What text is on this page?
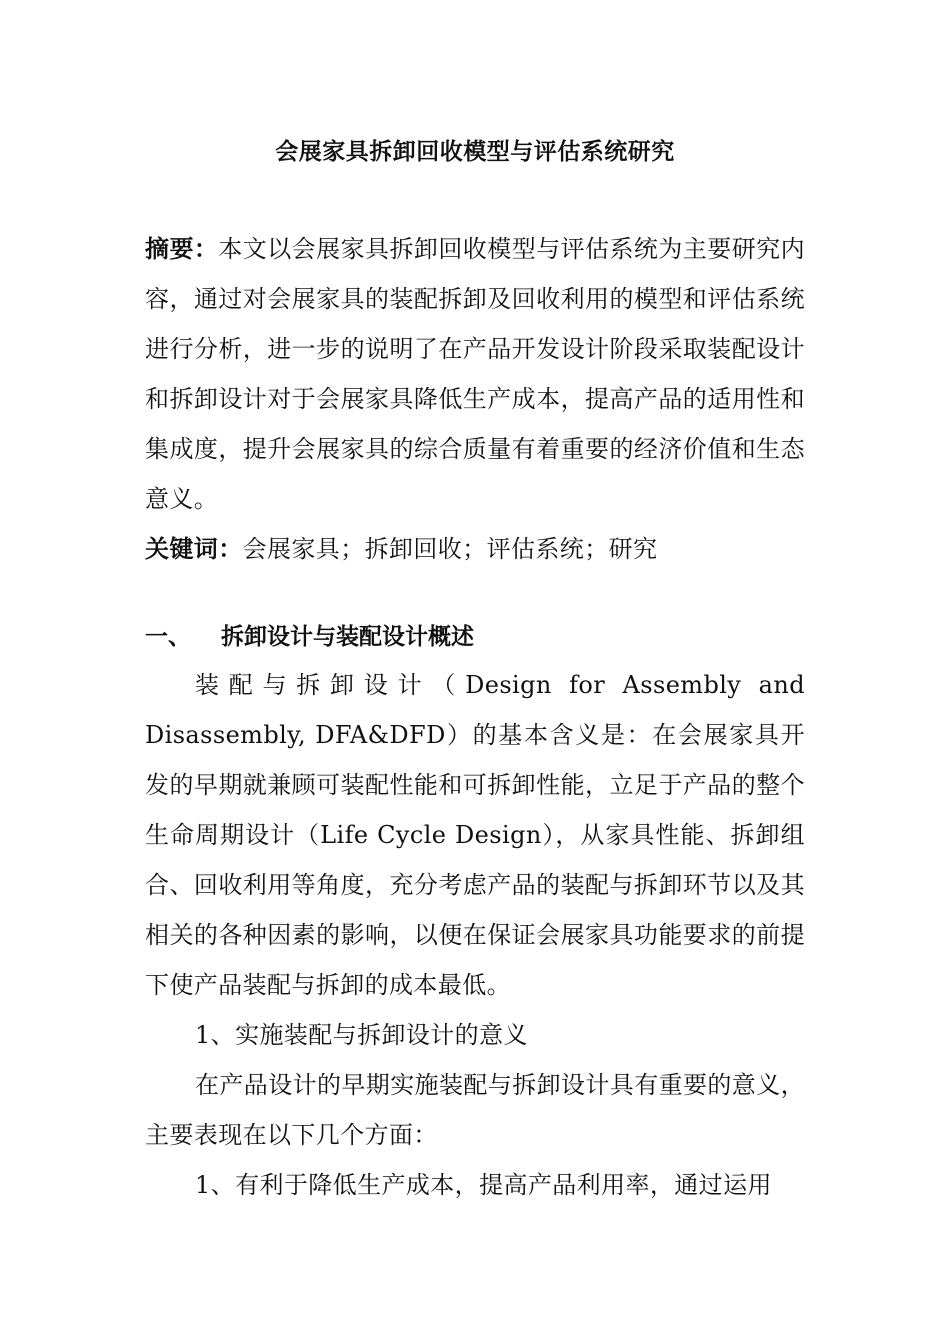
会展家具拆卸回收模型与评估系统研究

摘要：本文以会展家具拆卸回收模型与评估系统为主要研究内容，通过对会展家具的装配拆卸及回收利用的模型和评估系统进行分析，进一步的说明了在产品开发设计阶段采取装配设计和拆卸设计对于会展家具降低生产成本，提高产品的适用性和集成度，提升会展家具的综合质量有着重要的经济价值和生态意义。

关键词：会展家具；拆卸回收；评估系统；研究

一、	拆卸设计与装配设计概述

装配与拆卸设计（Design for Assembly and Disassembly, DFA&DFD）的基本含义是：在会展家具开发的早期就兼顾可装配性能和可拆卸性能，立足于产品的整个生命周期设计（Life Cycle Design），从家具性能、拆卸组合、回收利用等角度，充分考虑产品的装配与拆卸环节以及其相关的各种因素的影响，以便在保证会展家具功能要求的前提下使产品装配与拆卸的成本最低。

1、实施装配与拆卸设计的意义

在产品设计的早期实施装配与拆卸设计具有重要的意义，主要表现在以下几个方面：

1、有利于降低生产成本，提高产品利用率，通过运用
